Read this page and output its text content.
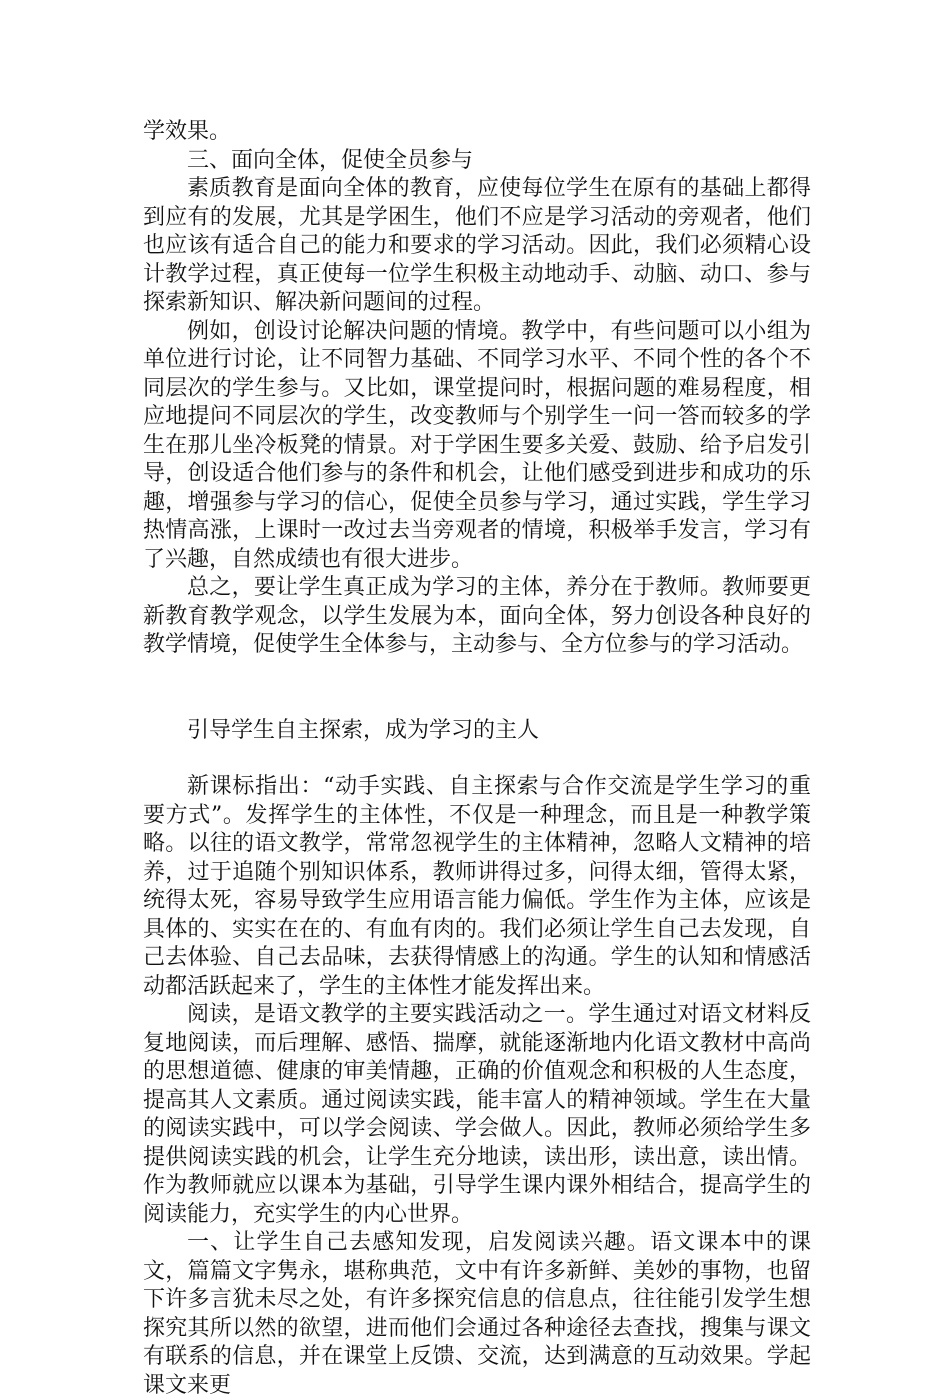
学效果。

三、面向全体，促使全员参与

素质教育是面向全体的教育，应使每位学生在原有的基础上都得到应有的发展，尤其是学困生，他们不应是学习活动的旁观者，他们也应该有适合自己的能力和要求的学习活动。因此，我们必须精心设计教学过程，真正使每一位学生积极主动地动手、动脑、动口、参与探索新知识、解决新问题间的过程。

例如，创设讨论解决问题的情境。教学中，有些问题可以小组为单位进行讨论，让不同智力基础、不同学习水平、不同个性的各个不同层次的学生参与。又比如，课堂提问时，根据问题的难易程度，相应地提问不同层次的学生，改变教师与个别学生一问一答而较多的学生在那儿坐冷板凳的情景。对于学困生要多关爱、鼓励、给予启发引导，创设适合他们参与的条件和机会，让他们感受到进步和成功的乐趣，增强参与学习的信心，促使全员参与学习，通过实践，学生学习热情高涨，上课时一改过去当旁观者的情境，积极举手发言，学习有了兴趣，自然成绩也有很大进步。

总之，要让学生真正成为学习的主体，养分在于教师。教师要更新教育教学观念，以学生发展为本，面向全体，努力创设各种良好的教学情境，促使学生全体参与，主动参与、全方位参与的学习活动。

引导学生自主探索，成为学习的主人

新课标指出：“动手实践、自主探索与合作交流是学生学习的重要方式”。发挥学生的主体性，不仅是一种理念，而且是一种教学策略。以往的语文教学，常常忽视学生的主体精神，忽略人文精神的培养，过于追随个别知识体系，教师讲得过多，问得太细，管得太紧，统得太死，容易导致学生应用语言能力偏低。学生作为主体，应该是具体的、实实在在的、有血有肉的。我们必须让学生自己去发现，自己去体验、自己去品味，去获得情感上的沟通。学生的认知和情感活动都活跃起来了，学生的主体性才能发挥出来。

阅读，是语文教学的主要实践活动之一。学生通过对语文材料反复地阅读，而后理解、感悟、揣摩，就能逐渐地内化语文教材中高尚的思想道德、健康的审美情趣，正确的价值观念和积极的人生态度，提高其人文素质。通过阅读实践，能丰富人的精神领域。学生在大量的阅读实践中，可以学会阅读、学会做人。因此，教师必须给学生多提供阅读实践的机会，让学生充分地读，读出形，读出意，读出情。作为教师就应以课本为基础，引导学生课内课外相结合，提高学生的阅读能力，充实学生的内心世界。

一、让学生自己去感知发现，启发阅读兴趣。语文课本中的课文，篇篇文字隽永，堪称典范，文中有许多新鲜、美妙的事物，也留下许多言犹未尽之处，有许多探究信息的信息点，往往能引发学生想探究其所以然的欲望，进而他们会通过各种途径去查找，搜集与课文有联系的信息，并在课堂上反馈、交流，达到满意的互动效果。学起课文来更
